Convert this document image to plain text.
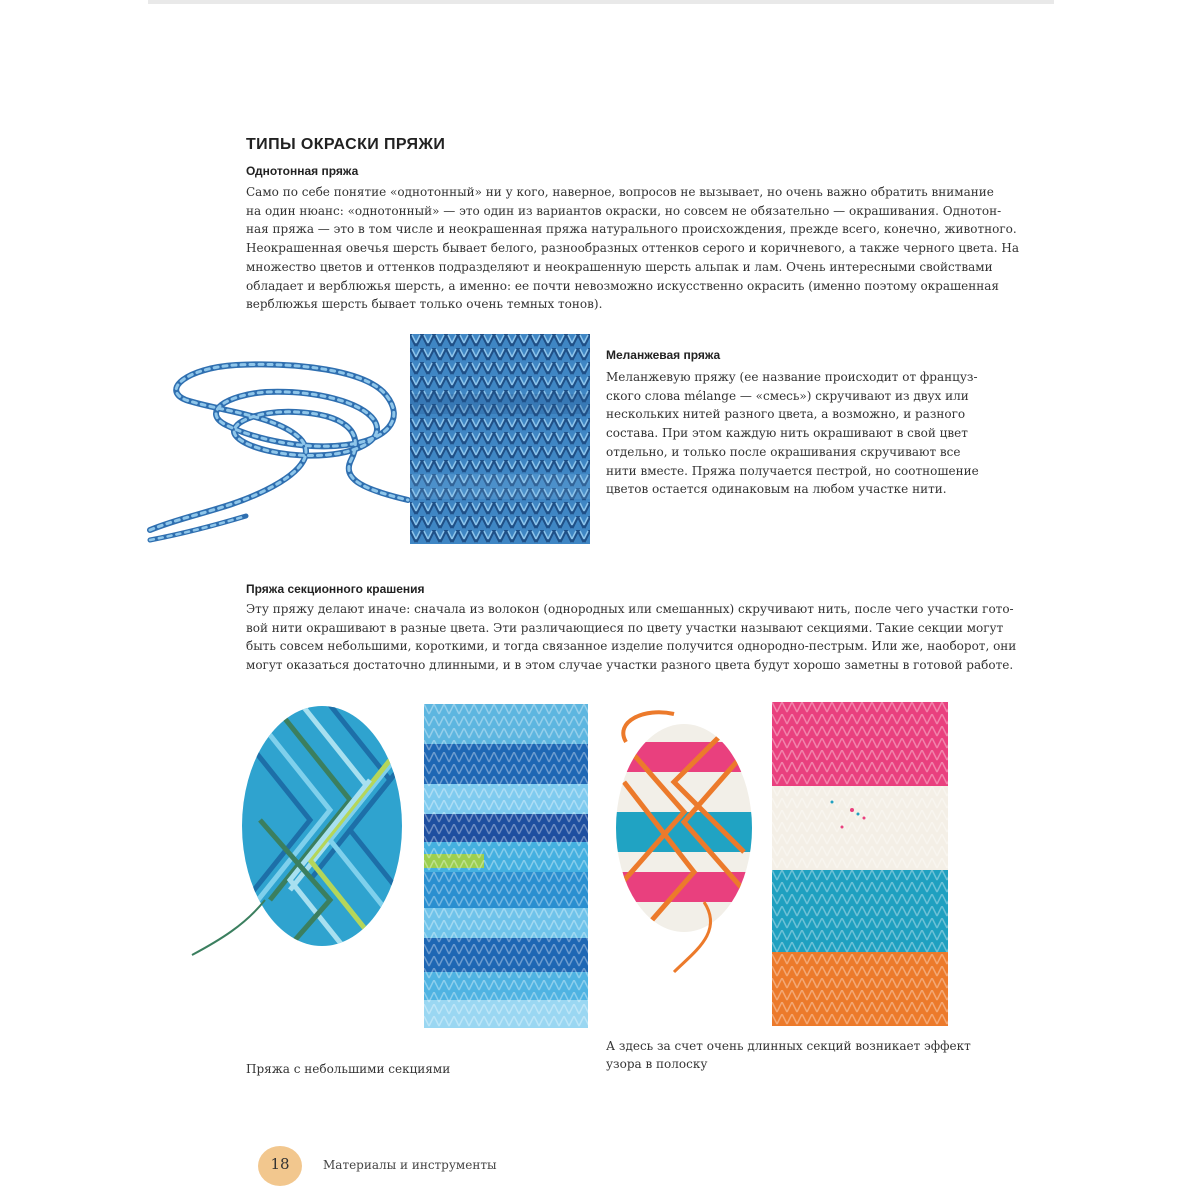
ТИПЫ ОКРАСКИ ПРЯЖИ
Однотонная пряжа
Само по себе понятие «однотонный» ни у кого, наверное, вопросов не вызывает, но очень важно обратить внимание
на один нюанс: «однотонный» — это один из вариантов окраски, но совсем не обязательно — окрашивания. Однотон-
ная пряжа — это в том числе и неокрашенная пряжа натурального происхождения, прежде всего, конечно, животного.
Неокрашенная овечья шерсть бывает белого, разнообразных оттенков серого и коричневого, а также черного цвета. На
множество цветов и оттенков подразделяют и неокрашенную шерсть альпак и лам. Очень интересными свойствами
обладает и верблюжья шерсть, а именно: ее почти невозможно искусственно окрасить (именно поэтому окрашенная
верблюжья шерсть бывает только очень темных тонов).
Меланжевая пряжа
Меланжевую пряжу (ее название происходит от француз-
ского слова mélange — «смесь») скручивают из двух или
нескольких нитей разного цвета, а возможно, и разного
состава. При этом каждую нить окрашивают в свой цвет
отдельно, и только после окрашивания скручивают все
нити вместе. Пряжа получается пестрой, но соотношение
цветов остается одинаковым на любом участке нити.
Пряжа секционного крашения
Эту пряжу делают иначе: сначала из волокон (однородных или смешанных) скручивают нить, после чего участки гото-
вой нити окрашивают в разные цвета. Эти различающиеся по цвету участки называют секциями. Такие секции могут
быть совсем небольшими, короткими, и тогда связанное изделие получится однородно-пестрым. Или же, наоборот, они
могут оказаться достаточно длинными, и в этом случае участки разного цвета будут хорошо заметны в готовой работе.
Пряжа с небольшими секциями
А здесь за счет очень длинных секций возникает эффект
узора в полоску
18	Материалы и инструменты
